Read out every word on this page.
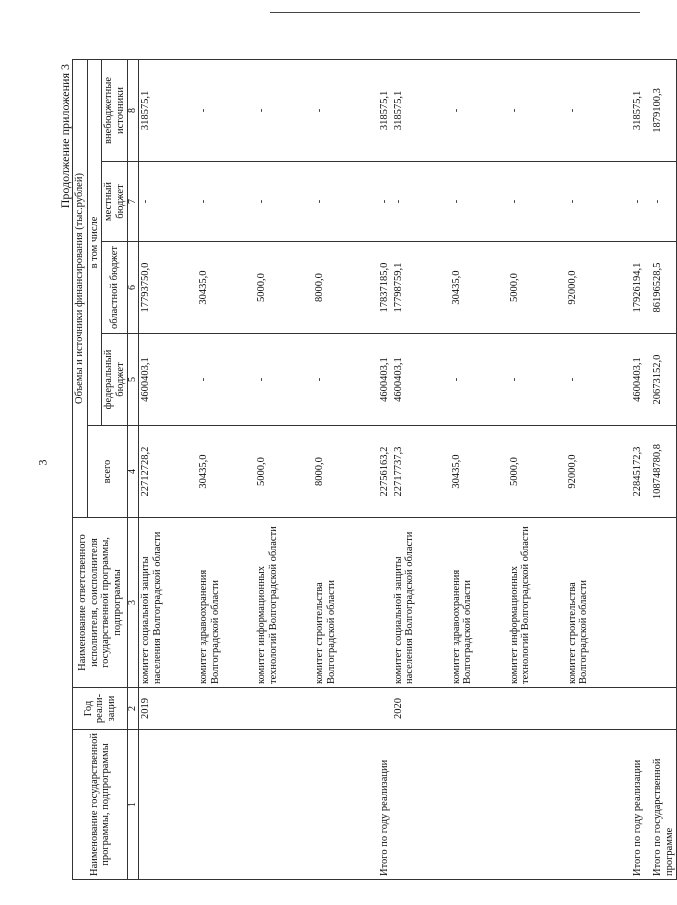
3

Продолжение приложения 3

Наименование государственной программы, подпрограммы	Год реали-зации	Наименование ответственного исполнителя, соисполнителя государственной программы, подпрограммы	Объемы и источники финансирования (тыс.рублей)				
			всего	в том числе			
				федеральный бюджет	областной бюджет	местный бюджет	внебюджетные источники
1	2	3	4	5	6	7	8
	2019	комитет социальной защиты населения Волгоградской области	22712728,2	4600403,1	17793750,0	-	318575,1
		комитет здравоохранения Волгоградской области	30435,0	-	30435,0	-	-
		комитет информационных технологий Волгоградской области	5000,0	-	5000,0	-	-
		комитет строительства Волгоградской области	8000,0	-	8000,0	-	-
Итого по году реализации			22756163,2	4600403,1	17837185,0	-	318575,1
	2020	комитет социальной защиты населения Волгоградской области	22717737,3	4600403,1	17798759,1	-	318575,1
		комитет здравоохранения Волгоградской области	30435,0	-	30435,0	-	-
		комитет информационных технологий Волгоградской области	5000,0	-	5000,0	-	-
		комитет строительства Волгоградской области	92000,0	-	92000,0	-	-
Итого по году реализации			22845172,3	4600403,1	17926194,1	-	318575,1
Итого по государственной программе			108748780,8	20673152,0	86196528,5	-	1879100,3
